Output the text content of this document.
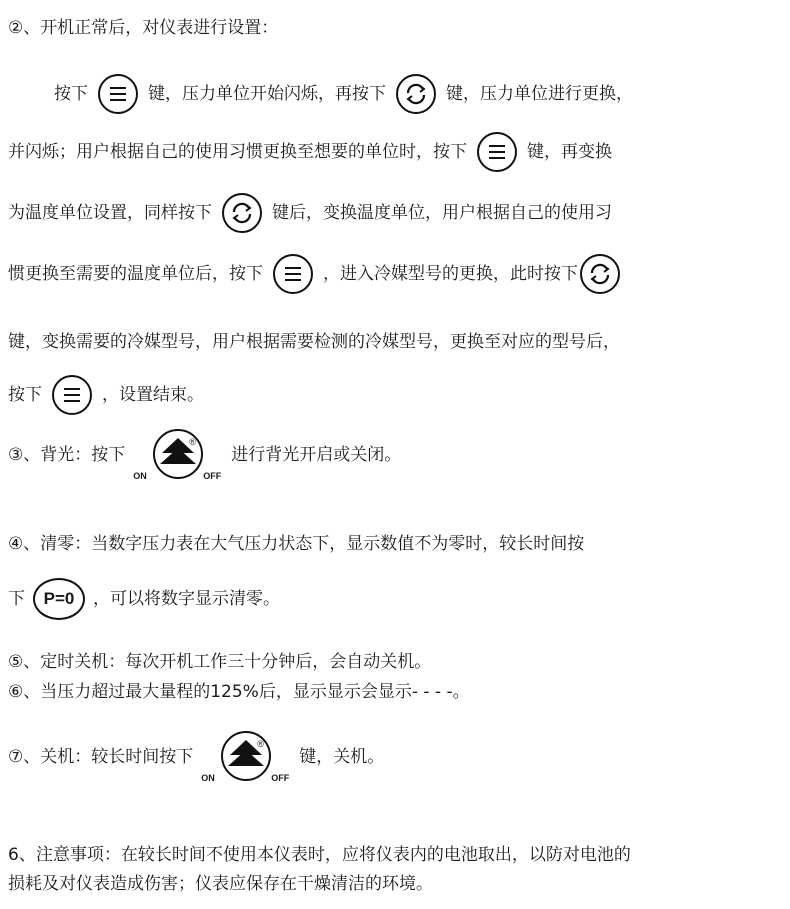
②、开机正常后，对仪表进行设置：
按下	键，压力单位开始闪烁，再按下	键，压力单位进行更换，
并闪烁；用户根据自己的使用习惯更换至想要的单位时，按下	键，再变换
为温度单位设置，同样按下	键后，变换温度单位，用户根据自己的使用习
惯更换至需要的温度单位后，按下	，进入冷媒型号的更换，此时按下
键，变换需要的冷媒型号，用户根据需要检测的冷媒型号，更换至对应的型号后，
按下	，设置结束。
③、背光：按下
ON	OFF
®
进行背光开启或关闭。
④、清零：当数字压力表在大气压力状态下，显示数值不为零时，较长时间按
下 P=0 ，可以将数字显示清零。
⑤、定时关机：每次开机工作三十分钟后，会自动关机。
⑥、当压力超过最大量程的125%后，显示显示会显示- - - -。
⑦、关机：较长时间按下
ON	OFF
®
键，关机。
6、注意事项：在较长时间不使用本仪表时，应将仪表内的电池取出，以防对电池的
损耗及对仪表造成伤害；仪表应保存在干燥清洁的环境。
